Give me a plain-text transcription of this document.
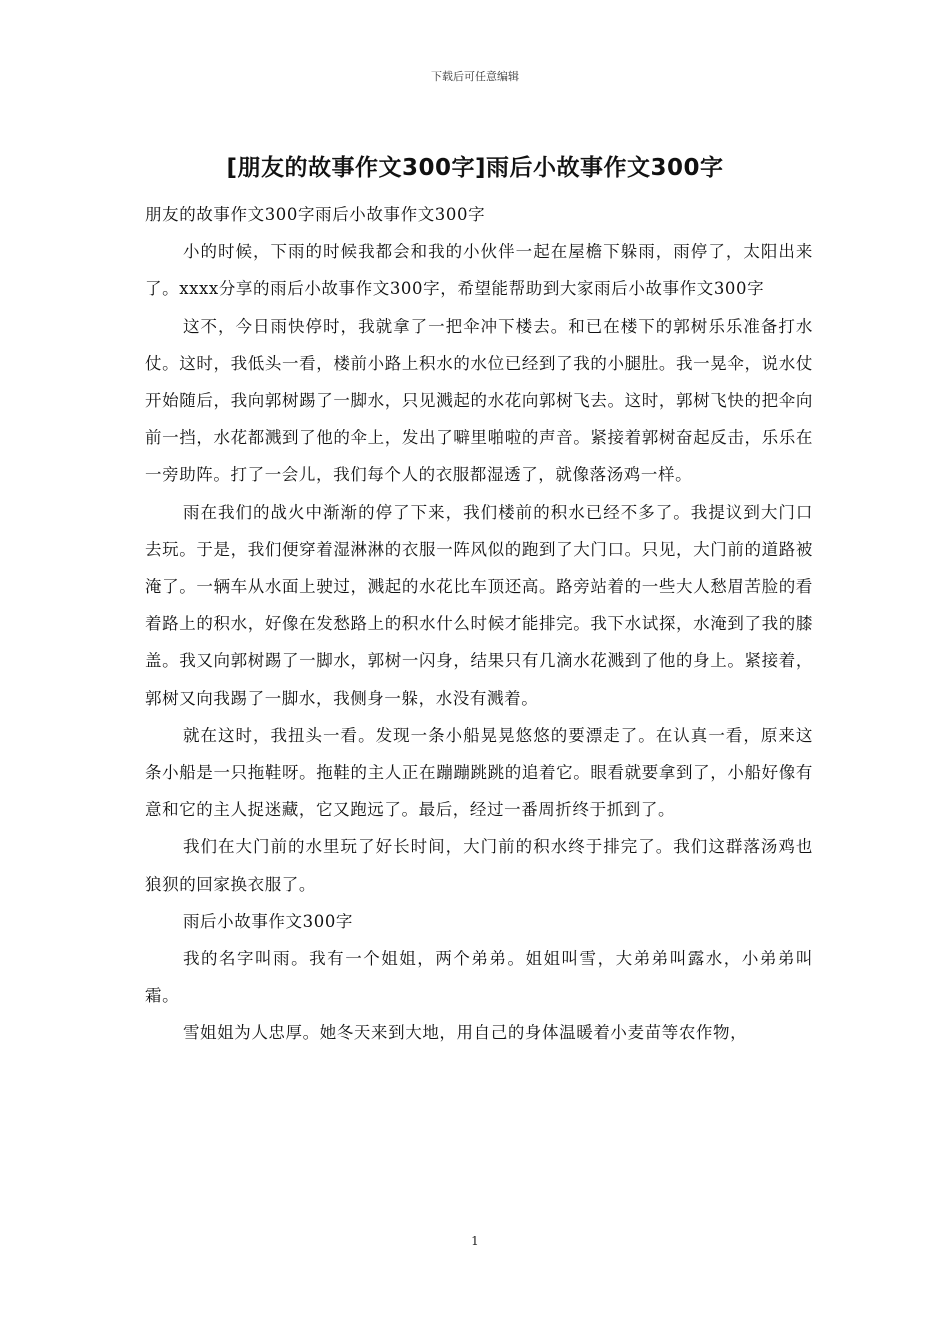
下载后可任意编辑
[朋友的故事作文300字]雨后小故事作文300字

朋友的故事作文300字雨后小故事作文300字

小的时候，下雨的时候我都会和我的小伙伴一起在屋檐下躲雨，雨停了，太阳出来了。xxxx分享的雨后小故事作文300字，希望能帮助到大家雨后小故事作文300字

这不，今日雨快停时，我就拿了一把伞冲下楼去。和已在楼下的郭树乐乐准备打水仗。这时，我低头一看，楼前小路上积水的水位已经到了我的小腿肚。我一晃伞，说水仗开始随后，我向郭树踢了一脚水，只见溅起的水花向郭树飞去。这时，郭树飞快的把伞向前一挡，水花都溅到了他的伞上，发出了噼里啪啦的声音。紧接着郭树奋起反击，乐乐在一旁助阵。打了一会儿，我们每个人的衣服都湿透了，就像落汤鸡一样。

雨在我们的战火中渐渐的停了下来，我们楼前的积水已经不多了。我提议到大门口去玩。于是，我们便穿着湿淋淋的衣服一阵风似的跑到了大门口。只见，大门前的道路被淹了。一辆车从水面上驶过，溅起的水花比车顶还高。路旁站着的一些大人愁眉苦脸的看着路上的积水，好像在发愁路上的积水什么时候才能排完。我下水试探，水淹到了我的膝盖。我又向郭树踢了一脚水，郭树一闪身，结果只有几滴水花溅到了他的身上。紧接着，郭树又向我踢了一脚水，我侧身一躲，水没有溅着。

就在这时，我扭头一看。发现一条小船晃晃悠悠的要漂走了。在认真一看，原来这条小船是一只拖鞋呀。拖鞋的主人正在蹦蹦跳跳的追着它。眼看就要拿到了，小船好像有意和它的主人捉迷藏，它又跑远了。最后，经过一番周折终于抓到了。

我们在大门前的水里玩了好长时间，大门前的积水终于排完了。我们这群落汤鸡也狼狈的回家换衣服了。

雨后小故事作文300字

我的名字叫雨。我有一个姐姐，两个弟弟。姐姐叫雪，大弟弟叫露水，小弟弟叫霜。

雪姐姐为人忠厚。她冬天来到大地，用自己的身体温暖着小麦苗等农作物，

1
